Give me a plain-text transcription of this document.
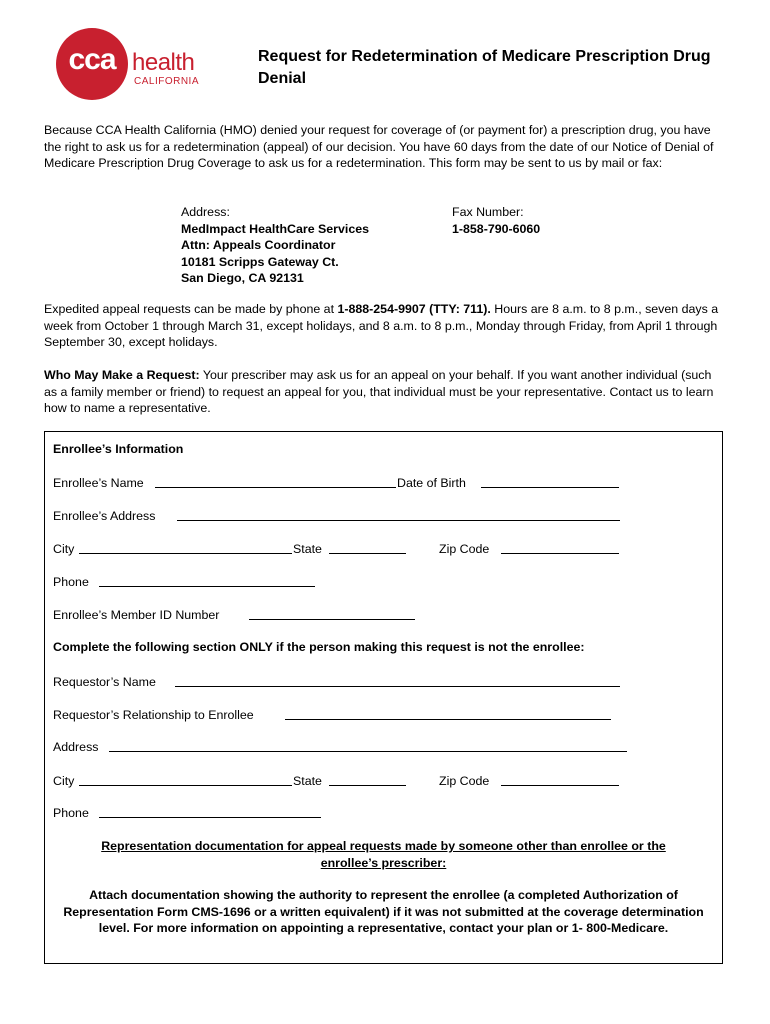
cca health
CALIFORNIA
Request for Redetermination of Medicare Prescription Drug Denial

Because CCA Health California (HMO) denied your request for coverage of (or payment for) a prescription drug, you have the right to ask us for a redetermination (appeal) of our decision. You have 60 days from the date of our Notice of Denial of Medicare Prescription Drug Coverage to ask us for a redetermination. This form may be sent to us by mail or fax:

Address:
MedImpact HealthCare Services
Attn: Appeals Coordinator
10181 Scripps Gateway Ct.
San Diego, CA 92131
Fax Number:
1-858-790-6060

Expedited appeal requests can be made by phone at 1-888-254-9907 (TTY: 711). Hours are 8 a.m. to 8 p.m., seven days a week from October 1 through March 31, except holidays, and 8 a.m. to 8 p.m., Monday through Friday, from April 1 through September 30, except holidays.

Who May Make a Request: Your prescriber may ask us for an appeal on your behalf. If you want another individual (such as a family member or friend) to request an appeal for you, that individual must be your representative. Contact us to learn how to name a representative.

Enrollee’s Information
Enrollee’s Name	Date of Birth
Enrollee’s Address
City	State	Zip Code
Phone
Enrollee’s Member ID Number
Complete the following section ONLY if the person making this request is not the enrollee:
Requestor’s Name
Requestor’s Relationship to Enrollee
Address
City	State	Zip Code
Phone
Representation documentation for appeal requests made by someone other than enrollee or the
enrollee’s prescriber:
Attach documentation showing the authority to represent the enrollee (a completed Authorization of Representation Form CMS-1696 or a written equivalent) if it was not submitted at the coverage determination level. For more information on appointing a representative, contact your plan or 1- 800-Medicare.
